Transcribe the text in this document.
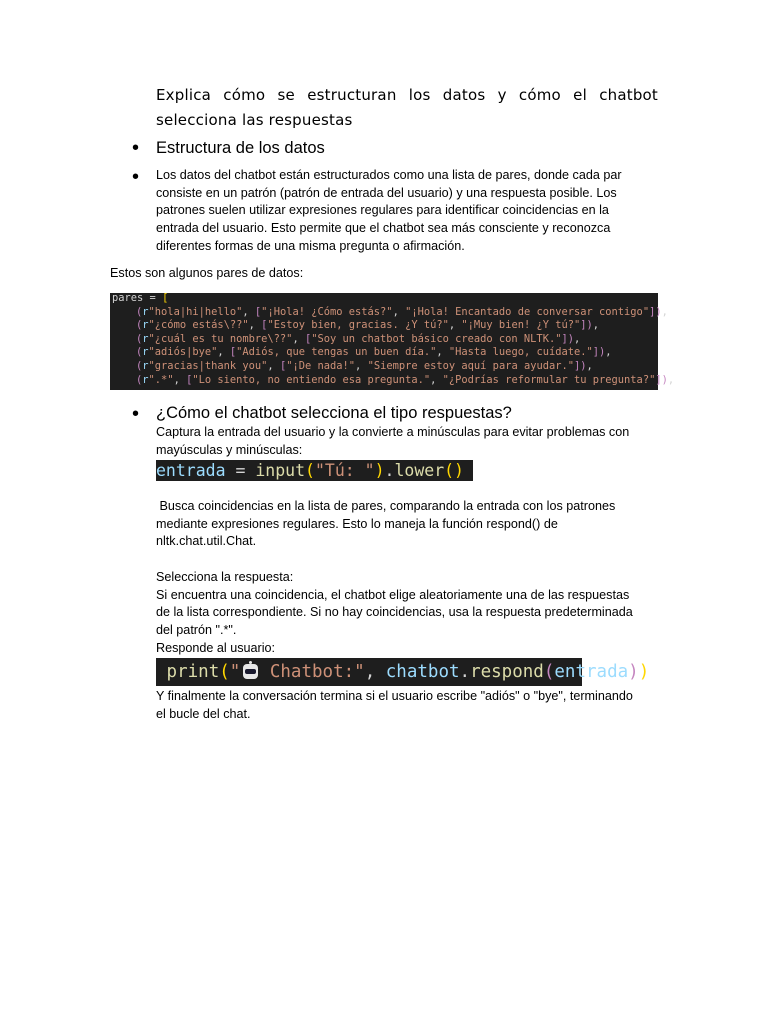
Explica cómo se estructuran los datos y cómo el chatbot
selecciona las respuestas
• Estructura de los datos
• Los datos del chatbot están estructurados como una lista de pares, donde cada par
consiste en un patrón (patrón de entrada del usuario) y una respuesta posible. Los
patrones suelen utilizar expresiones regulares para identificar coincidencias en la
entrada del usuario. Esto permite que el chatbot sea más consciente y reconozca
diferentes formas de una misma pregunta o afirmación.
Estos son algunos pares de datos:

pares = [

(r"hola|hi|hello", ["¡Hola! ¿Cómo estás?", "¡Hola! Encantado de conversar contigo"]),

(r"¿cómo estás\??", ["Estoy bien, gracias. ¿Y tú?", "¡Muy bien! ¿Y tú?"]),

(r"¿cuál es tu nombre\??", ["Soy un chatbot básico creado con NLTK."]),

(r"adiós|bye", ["Adiós, que tengas un buen día.", "Hasta luego, cuídate."]),

(r"gracias|thank you", ["¡De nada!", "Siempre estoy aquí para ayudar."]),

(r".*", ["Lo siento, no entiendo esa pregunta.", "¿Podrías reformular tu pregunta?"]),

• ¿Cómo el chatbot selecciona el tipo respuestas?
Captura la entrada del usuario y la convierte a minúsculas para evitar problemas con
mayúsculas y minúsculas:
entrada = input("Tú: ").lower()
Busca coincidencias en la lista de pares, comparando la entrada con los patrones
mediante expresiones regulares. Esto lo maneja la función respond() de
nltk.chat.util.Chat.
Selecciona la respuesta:
Si encuentra una coincidencia, el chatbot elige aleatoriamente una de las respuestas
de la lista correspondiente. Si no hay coincidencias, usa la respuesta predeterminada
del patrón ".*".
Responde al usuario:
print(" Chatbot:", chatbot.respond(entrada))
Y finalmente la conversación termina si el usuario escribe "adiós" o "bye", terminando
el bucle del chat.
